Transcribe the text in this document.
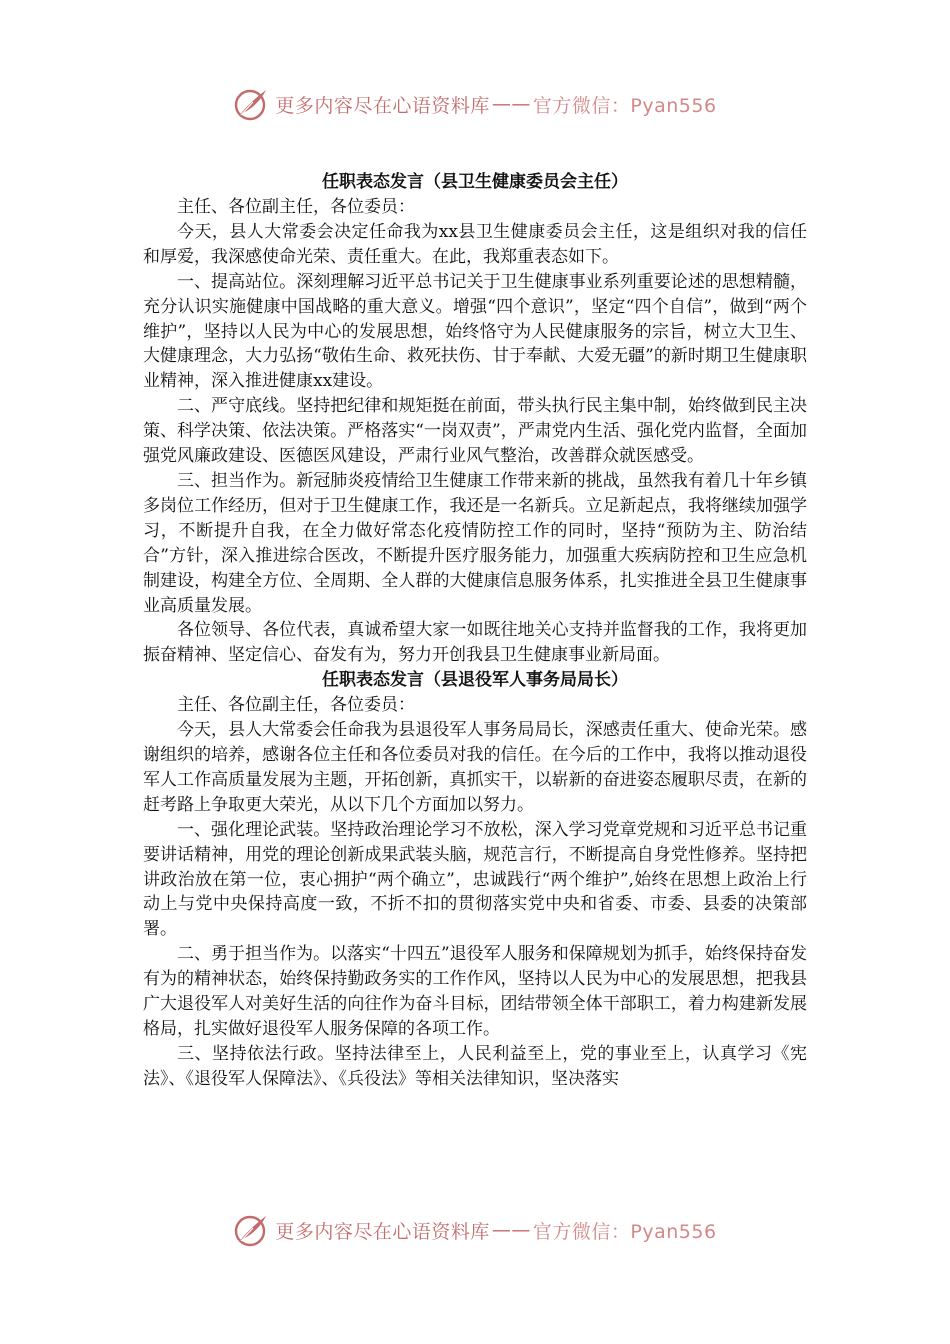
更多内容尽在心语资料库 —— 官方微信：Pyan556
任职表态发言（县卫生健康委员会主任）

主任、各位副主任，各位委员：

今天，县人大常委会决定任命我为xx县卫生健康委员会主任，这是组织对我的信任和厚爱，我深感使命光荣、责任重大。在此，我郑重表态如下。

一、提高站位。深刻理解习近平总书记关于卫生健康事业系列重要论述的思想精髓，充分认识实施健康中国战略的重大意义。增强“四个意识”，坚定“四个自信”，做到“两个维护”，坚持以人民为中心的发展思想，始终恪守为人民健康服务的宗旨，树立大卫生、大健康理念，大力弘扬“敬佑生命、救死扶伤、甘于奉献、大爱无疆”的新时期卫生健康职业精神，深入推进健康xx建设。

二、严守底线。坚持把纪律和规矩挺在前面，带头执行民主集中制，始终做到民主决策、科学决策、依法决策。严格落实“一岗双责”，严肃党内生活、强化党内监督，全面加强党风廉政建设、医德医风建设，严肃行业风气整治，改善群众就医感受。

三、担当作为。新冠肺炎疫情给卫生健康工作带来新的挑战，虽然我有着几十年乡镇多岗位工作经历，但对于卫生健康工作，我还是一名新兵。立足新起点，我将继续加强学习，不断提升自我，在全力做好常态化疫情防控工作的同时，坚持“预防为主、防治结合”方针，深入推进综合医改，不断提升医疗服务能力，加强重大疾病防控和卫生应急机制建设，构建全方位、全周期、全人群的大健康信息服务体系，扎实推进全县卫生健康事业高质量发展。

各位领导、各位代表，真诚希望大家一如既往地关心支持并监督我的工作，我将更加振奋精神、坚定信心、奋发有为，努力开创我县卫生健康事业新局面。

任职表态发言（县退役军人事务局局长）

主任、各位副主任，各位委员：

今天，县人大常委会任命我为县退役军人事务局局长，深感责任重大、使命光荣。感谢组织的培养，感谢各位主任和各位委员对我的信任。在今后的工作中，我将以推动退役军人工作高质量发展为主题，开拓创新，真抓实干，以崭新的奋进姿态履职尽责，在新的赶考路上争取更大荣光，从以下几个方面加以努力。

一、强化理论武装。坚持政治理论学习不放松，深入学习党章党规和习近平总书记重要讲话精神，用党的理论创新成果武装头脑，规范言行，不断提高自身党性修养。坚持把讲政治放在第一位，衷心拥护“两个确立”，忠诚践行“两个维护”,始终在思想上政治上行动上与党中央保持高度一致，不折不扣的贯彻落实党中央和省委、市委、县委的决策部署。

二、勇于担当作为。以落实“十四五”退役军人服务和保障规划为抓手，始终保持奋发有为的精神状态，始终保持勤政务实的工作作风，坚持以人民为中心的发展思想，把我县广大退役军人对美好生活的向往作为奋斗目标，团结带领全体干部职工，着力构建新发展格局，扎实做好退役军人服务保障的各项工作。

三、坚持依法行政。坚持法律至上，人民利益至上，党的事业至上，认真学习《宪法》、《退役军人保障法》、《兵役法》等相关法律知识，坚决落实

更多内容尽在心语资料库 —— 官方微信：Pyan556
